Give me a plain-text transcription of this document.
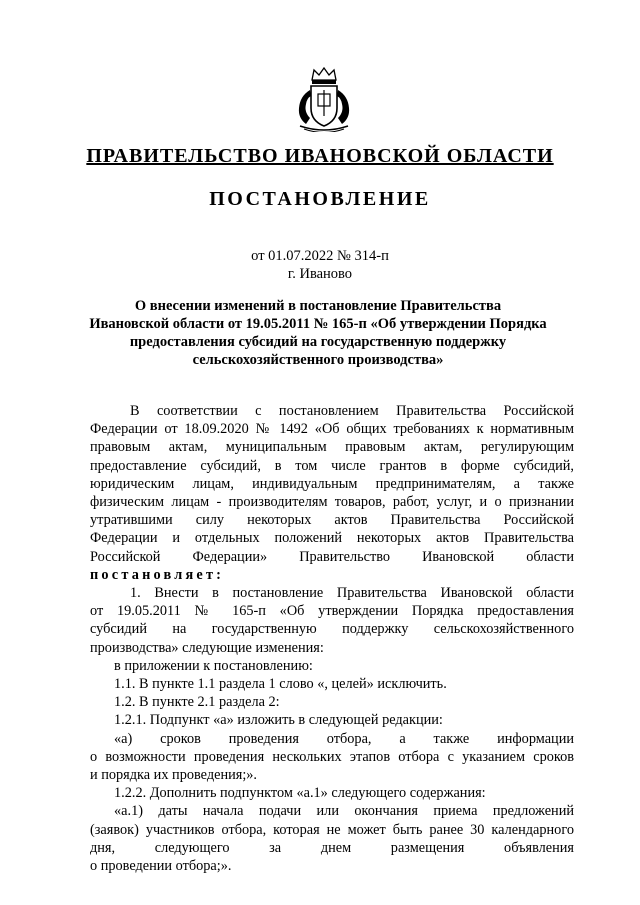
ПРАВИТЕЛЬСТВО ИВАНОВСКОЙ ОБЛАСТИ
ПОСТАНОВЛЕНИЕ
от 01.07.2022 № 314-п
г. Иваново
О внесении изменений в постановление Правительства
Ивановской области от 19.05.2011 № 165-п «Об утверждении Порядка
предоставления субсидий на государственную поддержку
сельскохозяйственного производства»

В соответствии с постановлением Правительства Российской

Федерации от 18.09.2020 № 1492 «Об общих требованиях к нормативным

правовым актам, муниципальным правовым актам, регулирующим

предоставление субсидий, в том числе грантов в форме субсидий,

юридическим лицам, индивидуальным предпринимателям, а также

физическим лицам - производителям товаров, работ, услуг, и о признании

утратившими силу некоторых актов Правительства Российской

Федерации и отдельных положений некоторых актов Правительства

Российской Федерации» Правительство Ивановской области

постановляет:

1. Внести в постановление Правительства Ивановской области

от 19.05.2011 № 165-п «Об утверждении Порядка предоставления

субсидий на государственную поддержку сельскохозяйственного

производства» следующие изменения:

в приложении к постановлению:

1.1. В пункте 1.1 раздела 1 слово «, целей» исключить.

1.2. В пункте 2.1 раздела 2:

1.2.1. Подпункт «а» изложить в следующей редакции:

«а) сроков проведения отбора, а также информации

о возможности проведения нескольких этапов отбора с указанием сроков

и порядка их проведения;».

1.2.2. Дополнить подпунктом «а.1» следующего содержания:

«а.1) даты начала подачи или окончания приема предложений

(заявок) участников отбора, которая не может быть ранее 30 календарного

дня, следующего за днем размещения объявления

о проведении отбора;».
